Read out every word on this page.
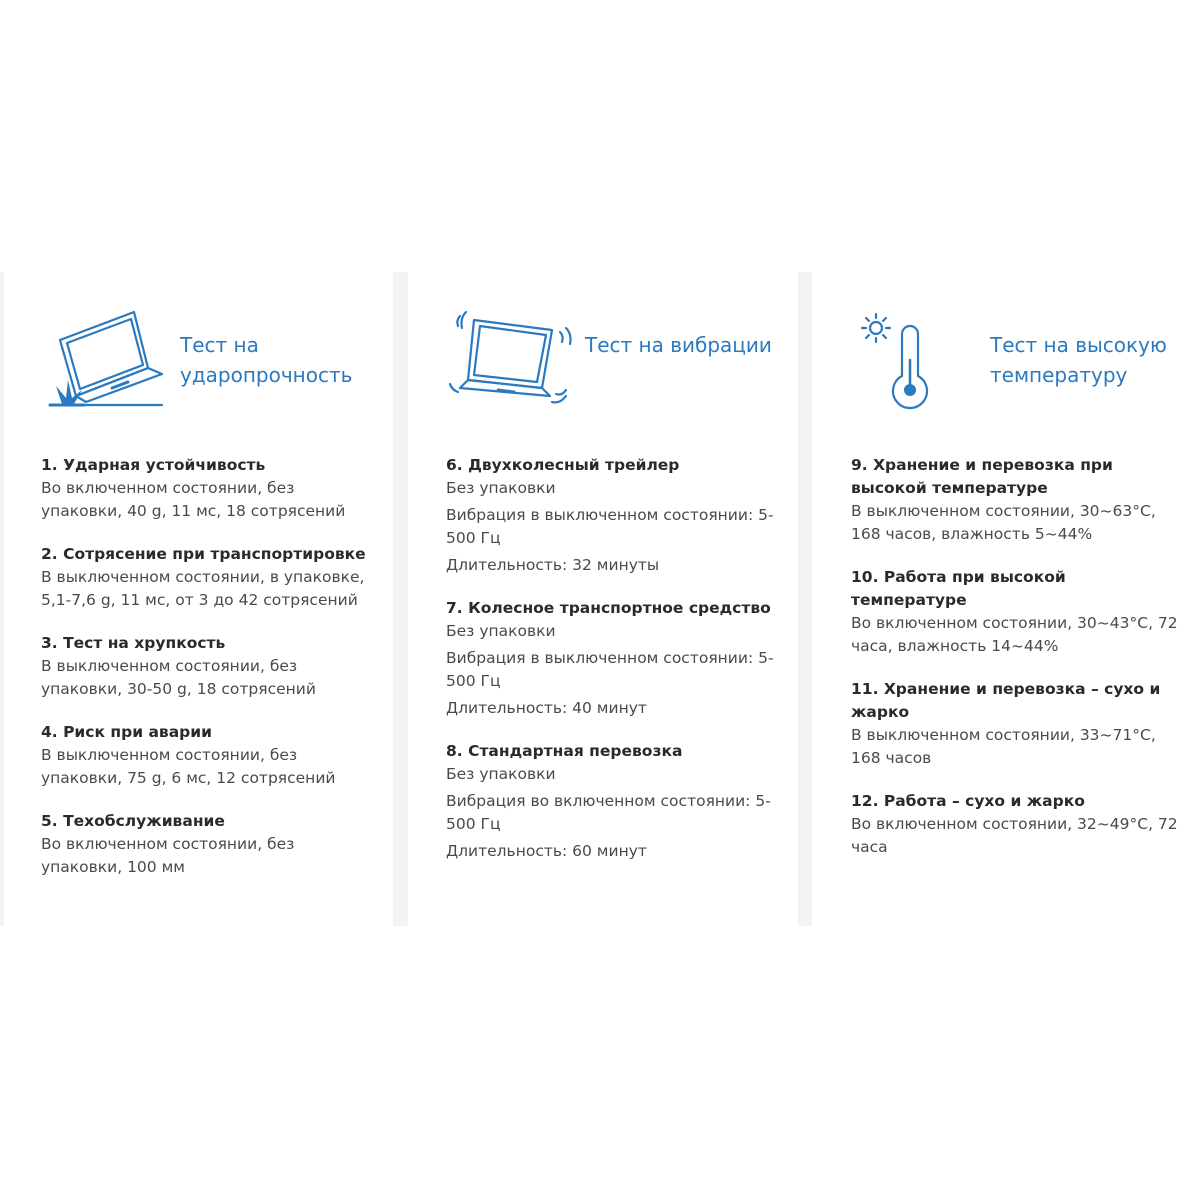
Тест на ударопрочность

1. Ударная устойчивость

Во включенном состоянии, без упаковки, 40 g, 11 мс, 18 сотрясений

2. Сотрясение при транспортировке

В выключенном состоянии, в упаковке, 5,1-7,6 g, 11 мс, от 3 до 42 сотрясений

3. Тест на хрупкость

В выключенном состоянии, без упаковки, 30-50 g, 18 сотрясений

4. Риск при аварии

В выключенном состоянии, без упаковки, 75 g, 6 мс, 12 сотрясений

5. Техобслуживание

Во включенном состоянии, без упаковки, 100 мм

Тест на вибрации

6. Двухколесный трейлер

Без упаковки

Вибрация в выключенном состоянии: 5-500 Гц

Длительность: 32 минуты

7. Колесное транспортное средство

Без упаковки

Вибрация в выключенном состоянии: 5-500 Гц

Длительность: 40 минут

8. Стандартная перевозка

Без упаковки

Вибрация во включенном состоянии: 5-500 Гц

Длительность: 60 минут

Тест на высокую температуру

9. Хранение и перевозка при высокой температуре

В выключенном состоянии, 30~63°C, 168 часов, влажность 5~44%

10. Работа при высокой температуре

Во включенном состоянии, 30~43°C, 72 часа, влажность 14~44%

11. Хранение и перевозка – сухо и жарко

В выключенном состоянии, 33~71°C, 168 часов

12. Работа – сухо и жарко

Во включенном состоянии, 32~49°C, 72 часа
